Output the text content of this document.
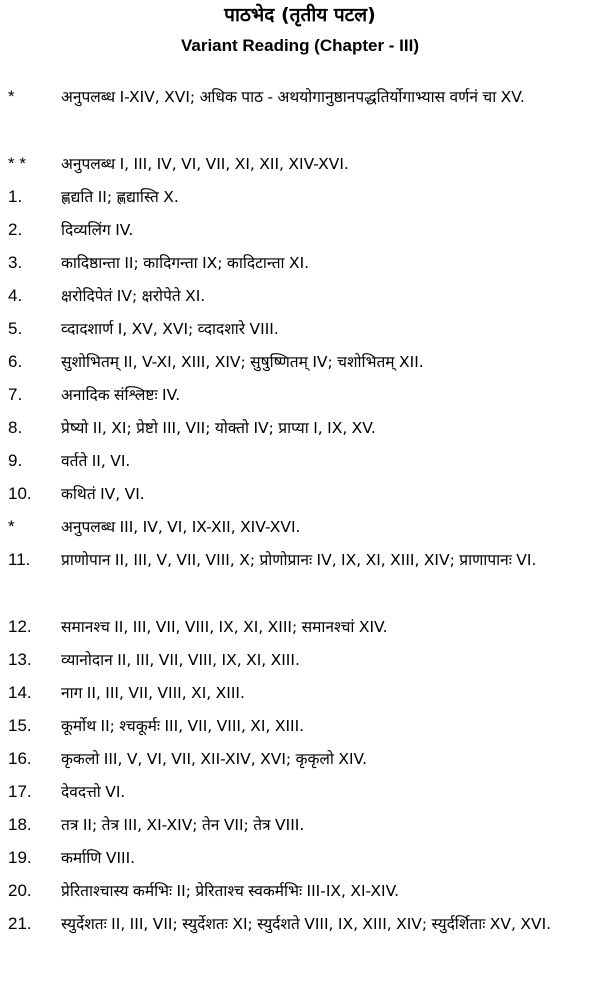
पाठभेद (तृतीय पटल)
Variant Reading (Chapter - III)
*	अनुपलब्ध I-XIV, XVI; अधिक पाठ - अथयोगानुष्ठानपद्धतिर्योगाभ्यास वर्णनं चा XV.
* * अनुपलब्ध I, III, IV, VI, VII, XI, XII, XIV-XVI.
1.	ह्णद्यति II; ह्णद्यास्ति X.
2.	दिव्यलिंग IV.
3.	कादिष्ठान्ता II; कादिगन्ता IX; कादिटान्ता XI.
4.	क्षरोदिपेतं IV; क्षरोपेते XI.
5.	व्दादशार्ण I, XV, XVI; व्दादशारे VIII.
6.	सुशोभितम् II, V-XI, XIII, XIV; सुषुष्णितम् IV; चशोभितम् XII.
7.	अनादिक संश्लिष्टः IV.
8.	प्रेष्यो II, XI; प्रेष्टो III, VII; योक्तो IV; प्राप्या I, IX, XV.
9.	वर्तते II, VI.
10. कथितं IV, VI.
*	अनुपलब्ध III, IV, VI, IX-XII, XIV-XVI.
11. प्राणोपान II, III, V, VII, VIII, X; प्रोणोप्रानः IV, IX, XI, XIII, XIV; प्राणापानः VI.
12. समानश्च II, III, VII, VIII, IX, XI, XIII; समानश्चां XIV.
13. व्यानोदान II, III, VII, VIII, IX, XI, XIII.
14. नाग II, III, VII, VIII, XI, XIII.
15. कूर्मोथ II; श्चकूर्मः III, VII, VIII, XI, XIII.
16. कृकलो III, V, VI, VII, XII-XIV, XVI; कृकृलो XIV.
17. देवदत्तो VI.
18. तत्र II; तेत्र III, XI-XIV; तेन VII; तेत्र VIII.
19. कर्माणि VIII.
20. प्रेरिताश्चास्य कर्मभिः II; प्रेरिताश्च स्वकर्मभिः III-IX, XI-XIV.
21. स्युर्देशतः II, III, VII; स्युर्देशतः XI; स्युर्दशते VIII, IX, XIII, XIV; स्युर्दर्शिताः XV, XVI.
